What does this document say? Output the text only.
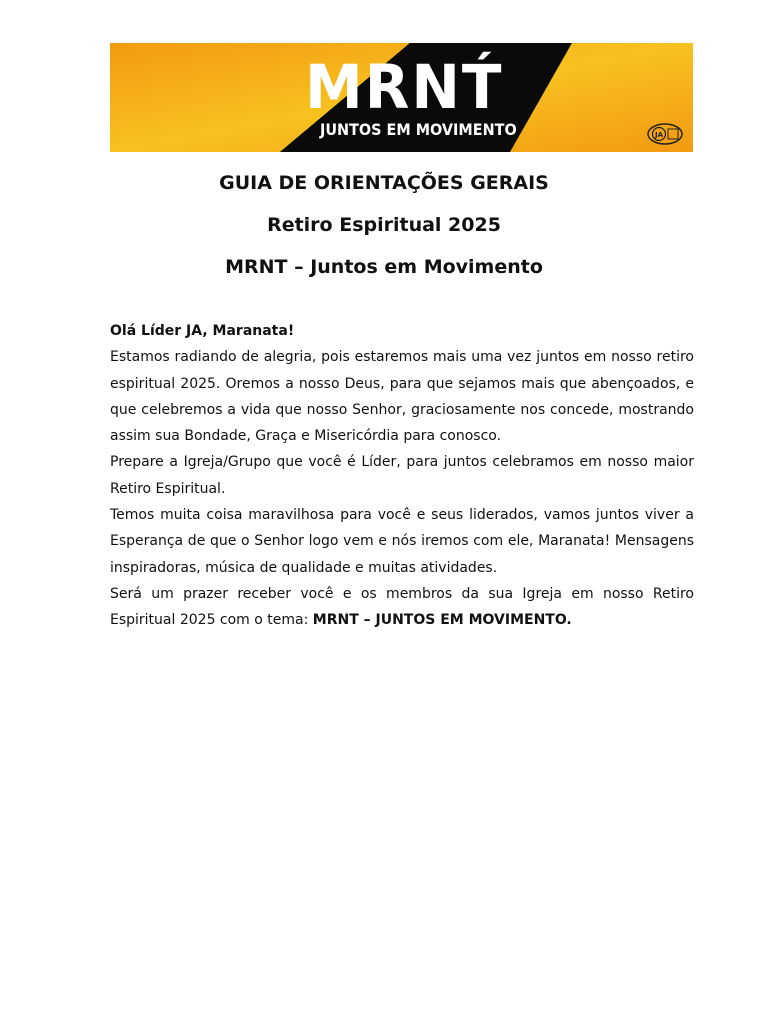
MRNT́
JUNTOS EM MOVIMENTO	JA
GUIA DE ORIENTAÇÕES GERAIS
Retiro Espiritual 2025
MRNT – Juntos em Movimento

Olá Líder JA, Maranata!

Estamos radiando de alegria, pois estaremos mais uma vez juntos em nosso retiro espiritual 2025. Oremos a nosso Deus, para que sejamos mais que abençoados, e que celebremos a vida que nosso Senhor, graciosamente nos concede, mostrando assim sua Bondade, Graça e Misericórdia para conosco.

Prepare a Igreja/Grupo que você é Líder, para juntos celebramos em nosso maior Retiro Espiritual.

Temos muita coisa maravilhosa para você e seus liderados, vamos juntos viver a Esperança de que o Senhor logo vem e nós iremos com ele, Maranata! Mensagens inspiradoras, música de qualidade e muitas atividades.

Será um prazer receber você e os membros da sua Igreja em nosso Retiro Espiritual 2025 com o tema: MRNT – JUNTOS EM MOVIMENTO.
